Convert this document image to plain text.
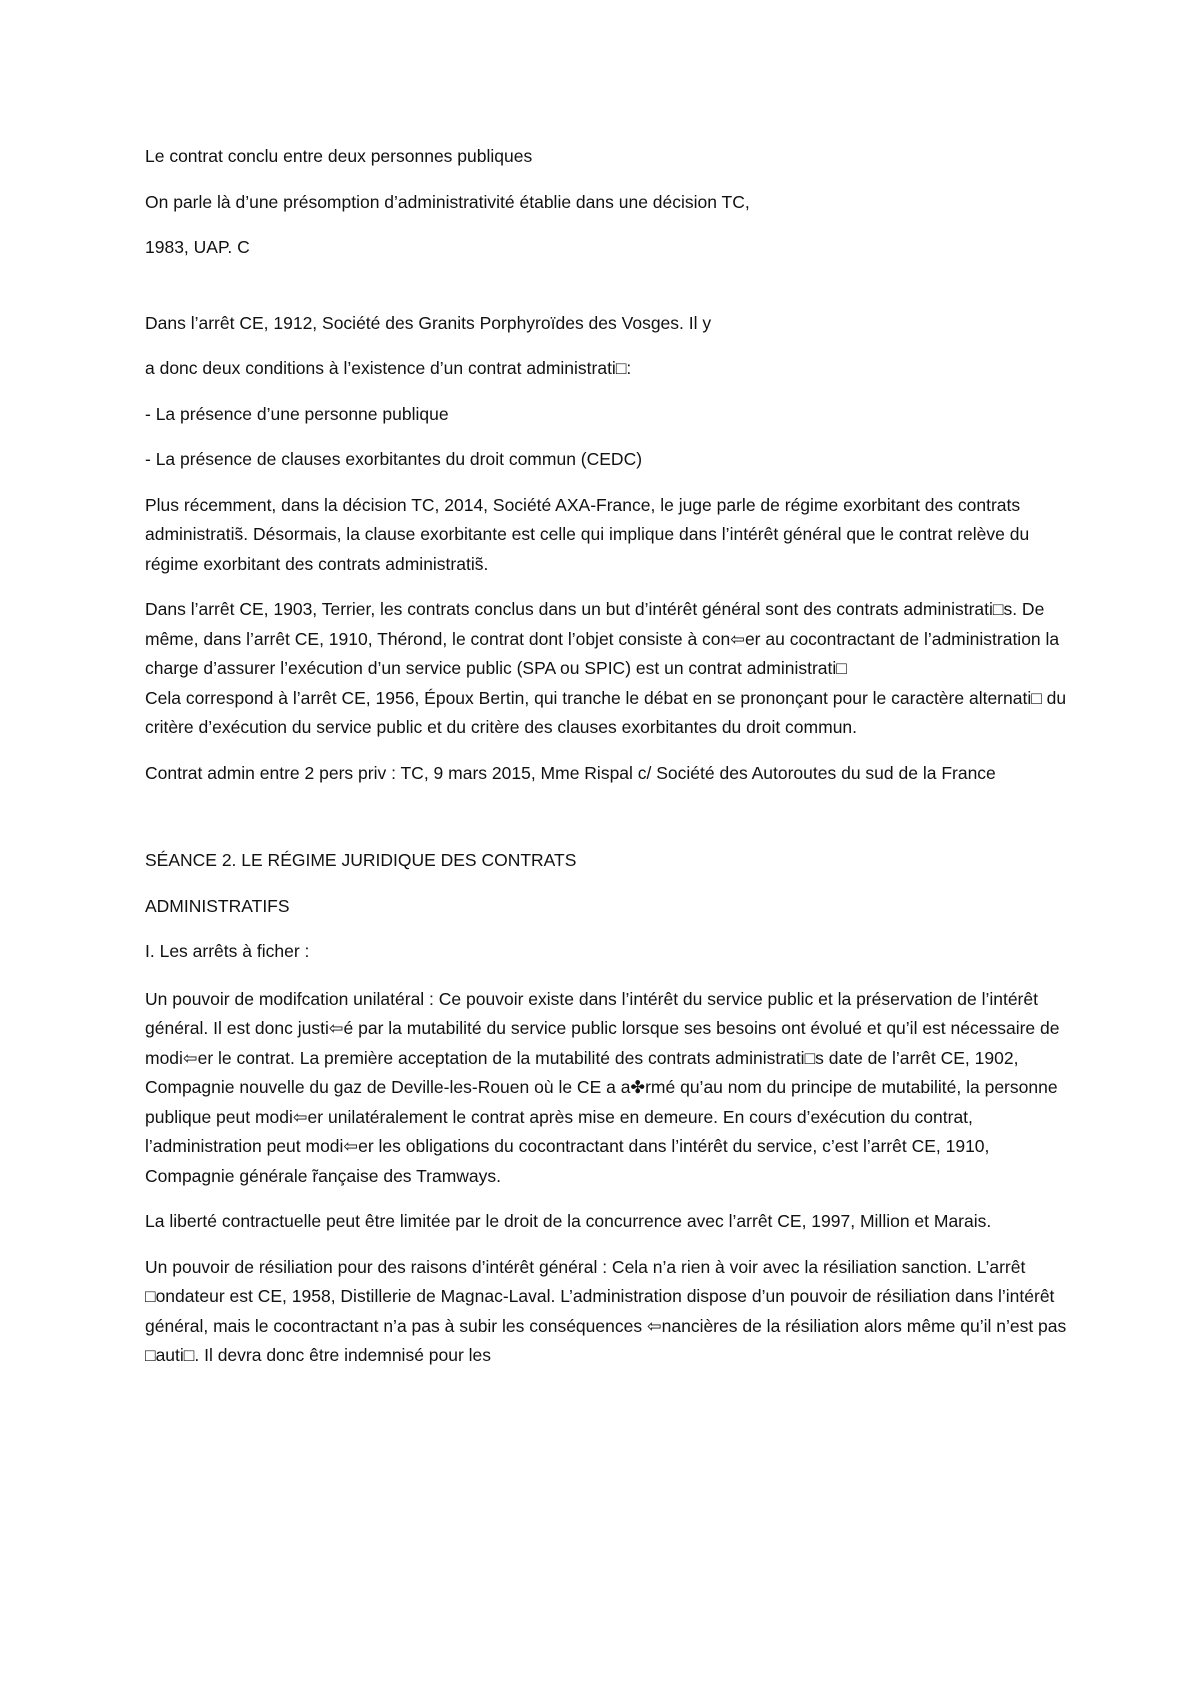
Le contrat conclu entre deux personnes publiques

On parle là d’une présomption d’administrativité établie dans une décision TC,

1983, UAP. C

Dans l’arrêt CE, 1912, Société des Granits Porphyroïdes des Vosges. Il y

a donc deux conditions à l’existence d’un contrat administrati□:

- La présence d’une personne publique

- La présence de clauses exorbitantes du droit commun (CEDC)

Plus récemment, dans la décision TC, 2014, Société AXA-France, le juge parle de régime exorbitant des contrats administratis̃. Désormais, la clause exorbitante est celle qui implique dans l’intérêt général que le contrat relève du régime exorbitant des contrats administratis̃.

Dans l’arrêt CE, 1903, Terrier, les contrats conclus dans un but d’intérêt général sont des contrats administrati□s. De même, dans l’arrêt CE, 1910, Thérond, le contrat dont l’objet consiste à con⇦er au cocontractant de l’administration la charge d’assurer l’exécution d’un service public (SPA ou SPIC) est un contrat administrati□

Cela correspond à l’arrêt CE, 1956, Époux Bertin, qui tranche le débat en se prononçant pour le caractère alternati□ du critère d’exécution du service public et du critère des clauses exorbitantes du droit commun.

Contrat admin entre 2 pers priv : TC, 9 mars 2015, Mme Rispal c/ Société des Autoroutes du sud de la France

SÉANCE 2. LE RÉGIME JURIDIQUE DES CONTRATS

ADMINISTRATIFS

I. Les arrêts à ficher :

Un pouvoir de modifcation unilatéral : Ce pouvoir existe dans l’intérêt du service public et la préservation de l’intérêt général. Il est donc justi⇦é par la mutabilité du service public lorsque ses besoins ont évolué et qu’il est nécessaire de modi⇦er le contrat. La première acceptation de la mutabilité des contrats administrati□s date de l’arrêt CE, 1902, Compagnie nouvelle du gaz de Deville-les-Rouen où le CE a a✤rmé qu’au nom du principe de mutabilité, la personne publique peut modi⇦er unilatéralement le contrat après mise en demeure. En cours d’exécution du contrat, l’administration peut modi⇦er les obligations du cocontractant dans l’intérêt du service, c’est l’arrêt CE, 1910, Compagnie générale ̃rançaise des Tramways.

La liberté contractuelle peut être limitée par le droit de la concurrence avec l’arrêt CE, 1997, Million et Marais.

Un pouvoir de résiliation pour des raisons d’intérêt général : Cela n’a rien à voir avec la résiliation sanction. L’arrêt □ondateur est CE, 1958, Distillerie de Magnac-Laval. L’administration dispose d’un pouvoir de résiliation dans l’intérêt général, mais le cocontractant n’a pas à subir les conséquences ⇦nancières de la résiliation alors même qu’il n’est pas □auti□. Il devra donc être indemnisé pour les
